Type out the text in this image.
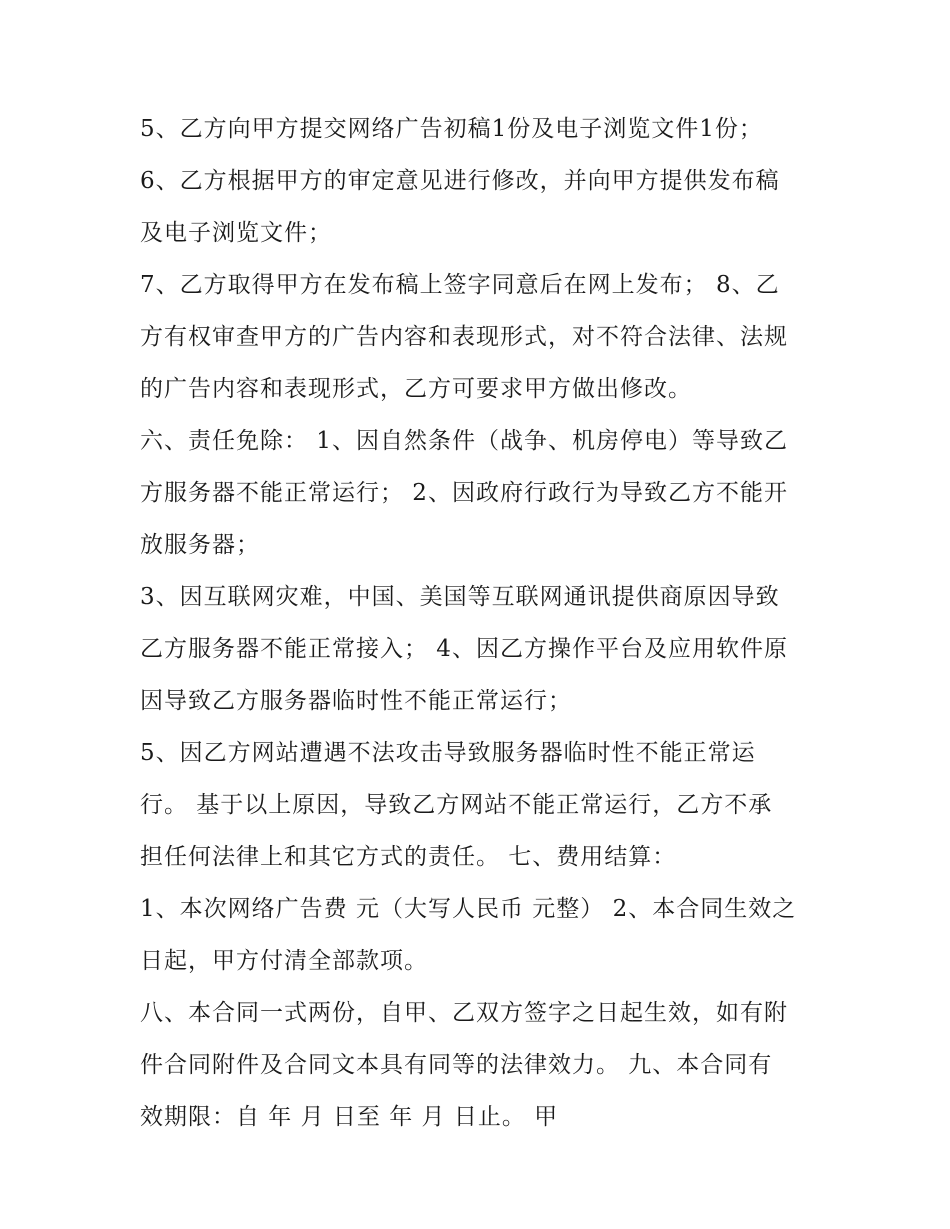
5、乙方向甲方提交网络广告初稿1份及电子浏览文件1份；
6、乙方根据甲方的审定意见进行修改，并向甲方提供发布稿
及电子浏览文件；
7、乙方取得甲方在发布稿上签字同意后在网上发布； 8、乙
方有权审查甲方的广告内容和表现形式，对不符合法律、法规
的广告内容和表现形式，乙方可要求甲方做出修改。
六、责任免除： 1、因自然条件（战争、机房停电）等导致乙
方服务器不能正常运行； 2、因政府行政行为导致乙方不能开
放服务器；
3、因互联网灾难，中国、美国等互联网通讯提供商原因导致
乙方服务器不能正常接入； 4、因乙方操作平台及应用软件原
因导致乙方服务器临时性不能正常运行；
5、因乙方网站遭遇不法攻击导致服务器临时性不能正常运
行。 基于以上原因，导致乙方网站不能正常运行，乙方不承
担任何法律上和其它方式的责任。 七、费用结算：
1、本次网络广告费 元（大写人民币 元整） 2、本合同生效之
日起，甲方付清全部款项。
八、本合同一式两份，自甲、乙双方签字之日起生效，如有附
件合同附件及合同文本具有同等的法律效力。 九、本合同有
效期限：自 年 月 日至 年 月 日止。 甲
